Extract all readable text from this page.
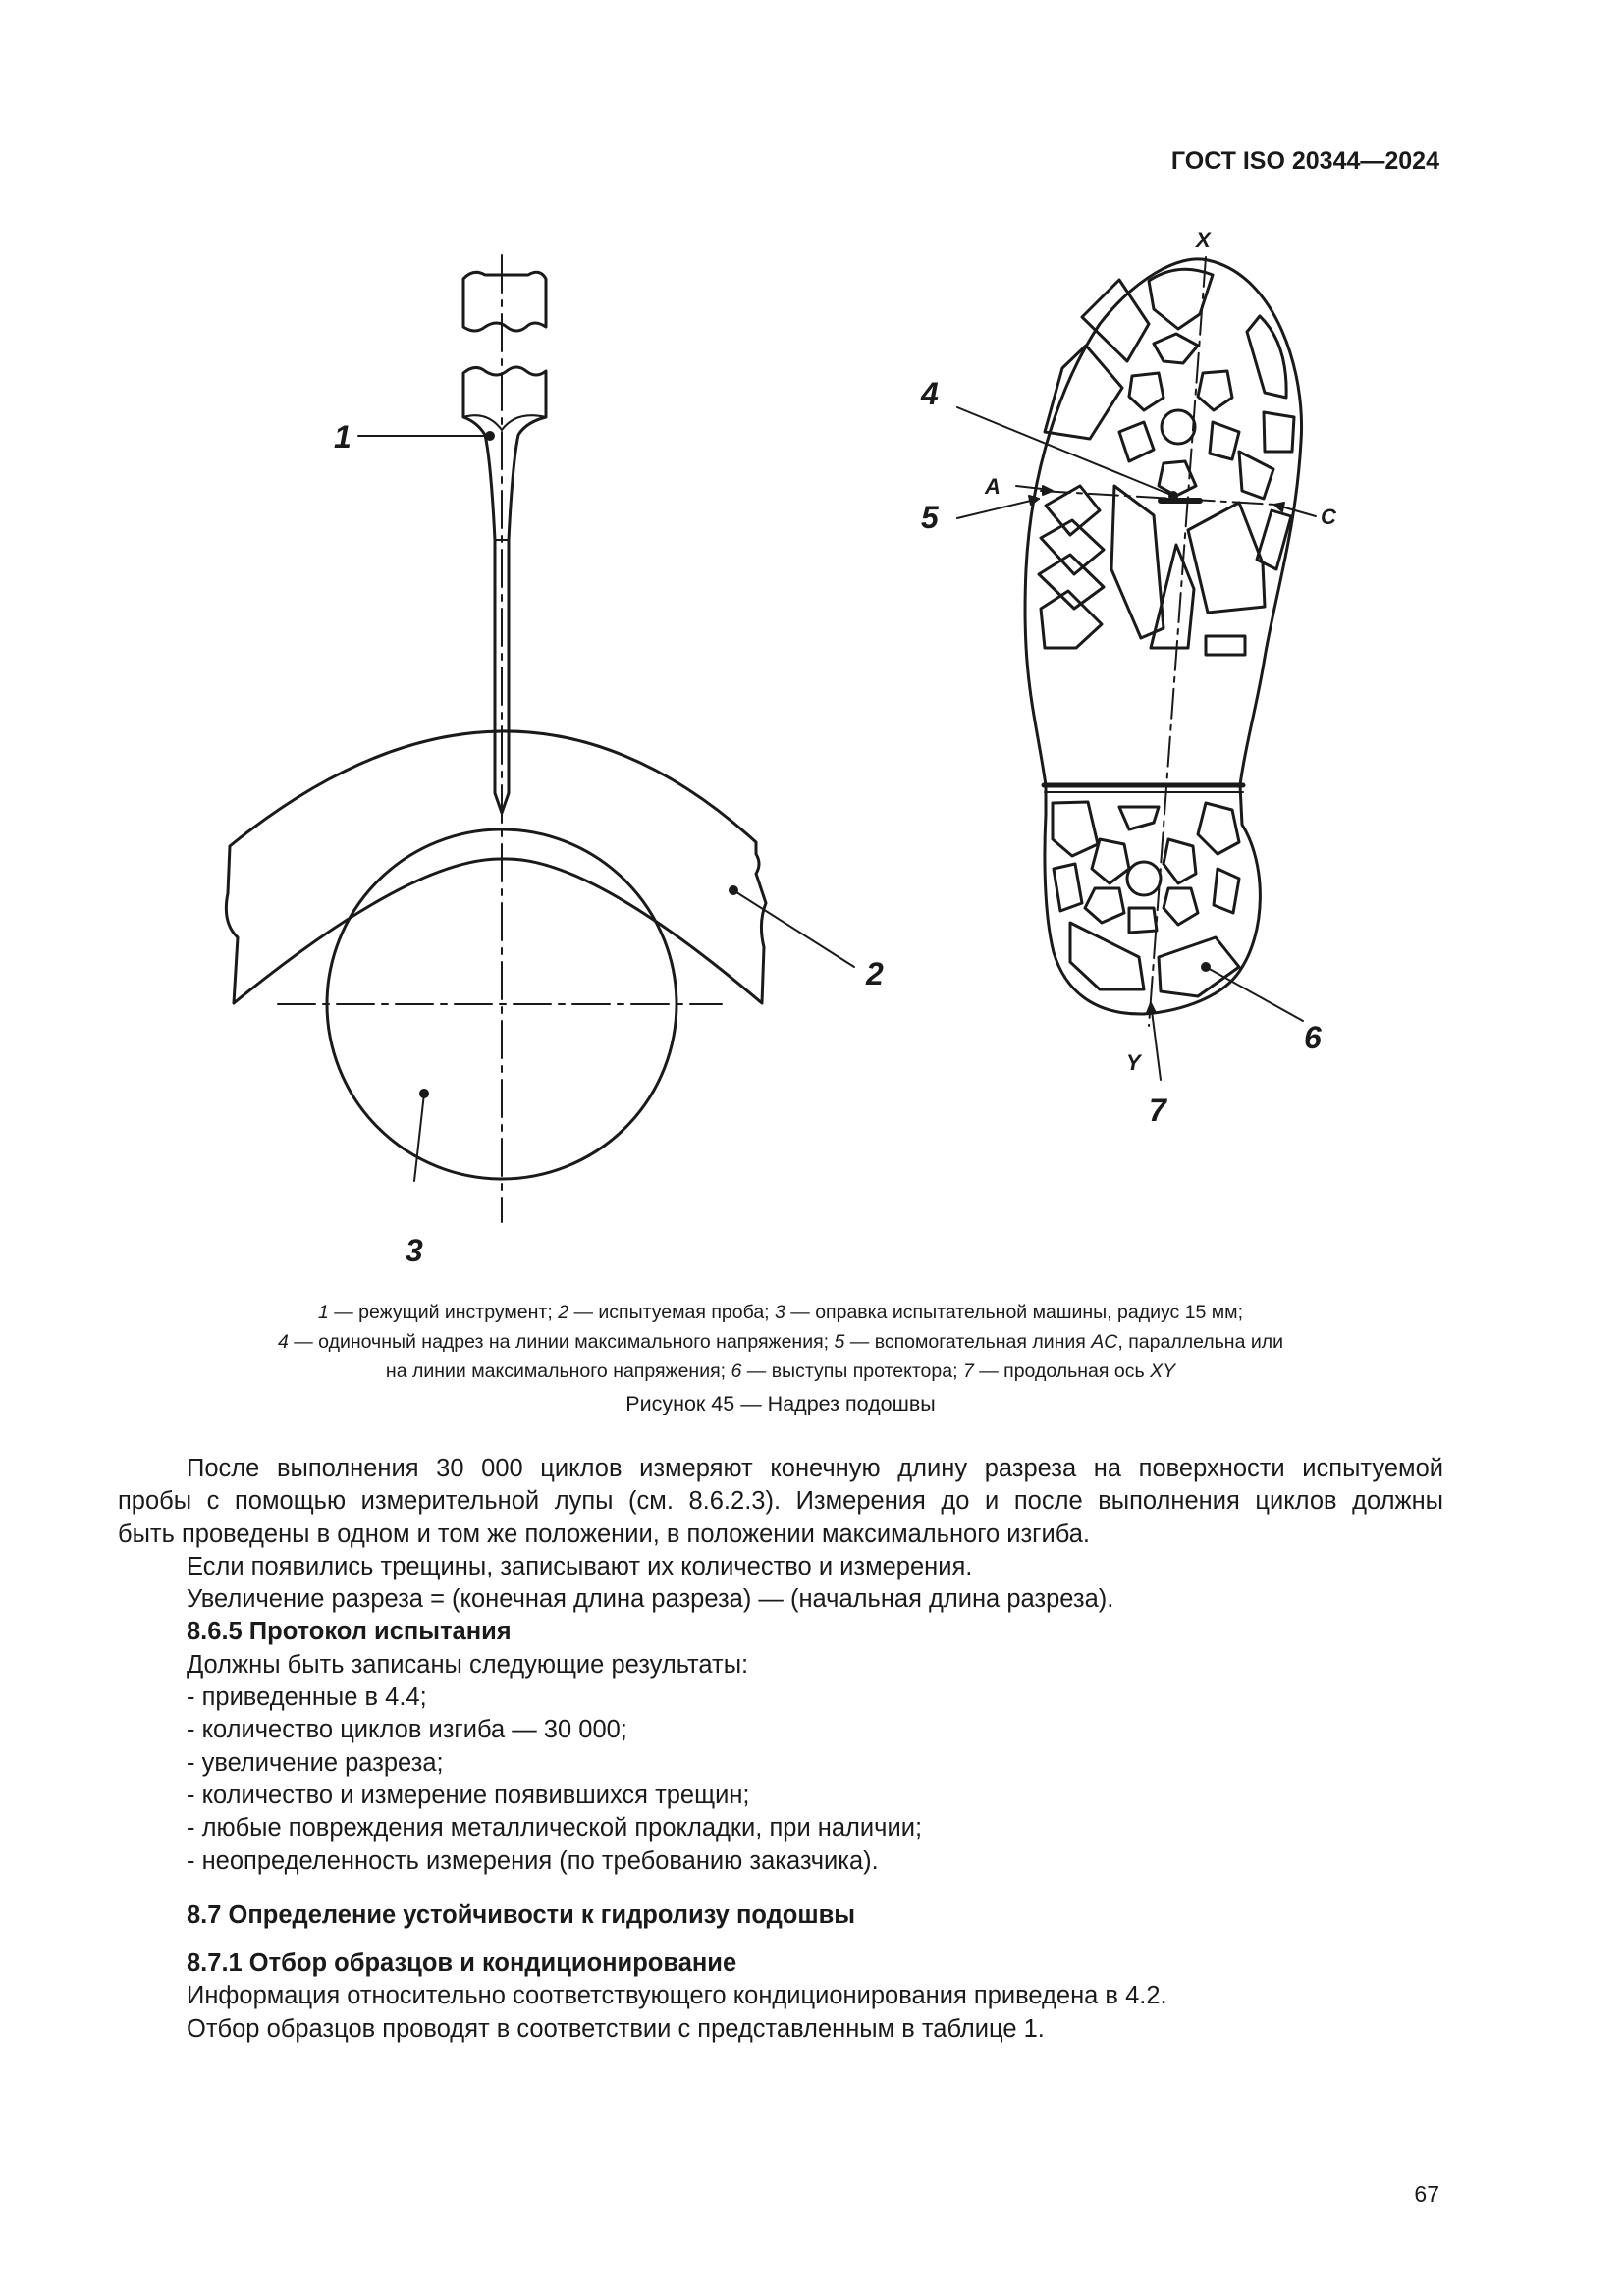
ГОСТ ISO 20344—2024
1
2
3
X
4
A
5	C
6
Y
7
1 — режущий инструмент; 2 — испытуемая проба; 3 — оправка испытательной машины, радиус 15 мм;
4 — одиночный надрез на линии максимального напряжения; 5 — вспомогательная линия AC, параллельна или
на линии максимального напряжения; 6 — выступы протектора; 7 — продольная ось XY
Рисунок 45 — Надрез подошвы
После выполнения 30 000 циклов измеряют конечную длину разреза на поверхности испытуемой
пробы с помощью измерительной лупы (см. 8.6.2.3). Измерения до и после выполнения циклов должны
быть проведены в одном и том же положении, в положении максимального изгиба.
Если появились трещины, записывают их количество и измерения.
Увеличение разреза = (конечная длина разреза) — (начальная длина разреза).
8.6.5 Протокол испытания
Должны быть записаны следующие результаты:
- приведенные в 4.4;
- количество циклов изгиба — 30 000;
- увеличение разреза;
- количество и измерение появившихся трещин;
- любые повреждения металлической прокладки, при наличии;
- неопределенность измерения (по требованию заказчика).
8.7 Определение устойчивости к гидролизу подошвы
8.7.1 Отбор образцов и кондиционирование
Информация относительно соответствующего кондиционирования приведена в 4.2.
Отбор образцов проводят в соответствии с представленным в таблице 1.
67
